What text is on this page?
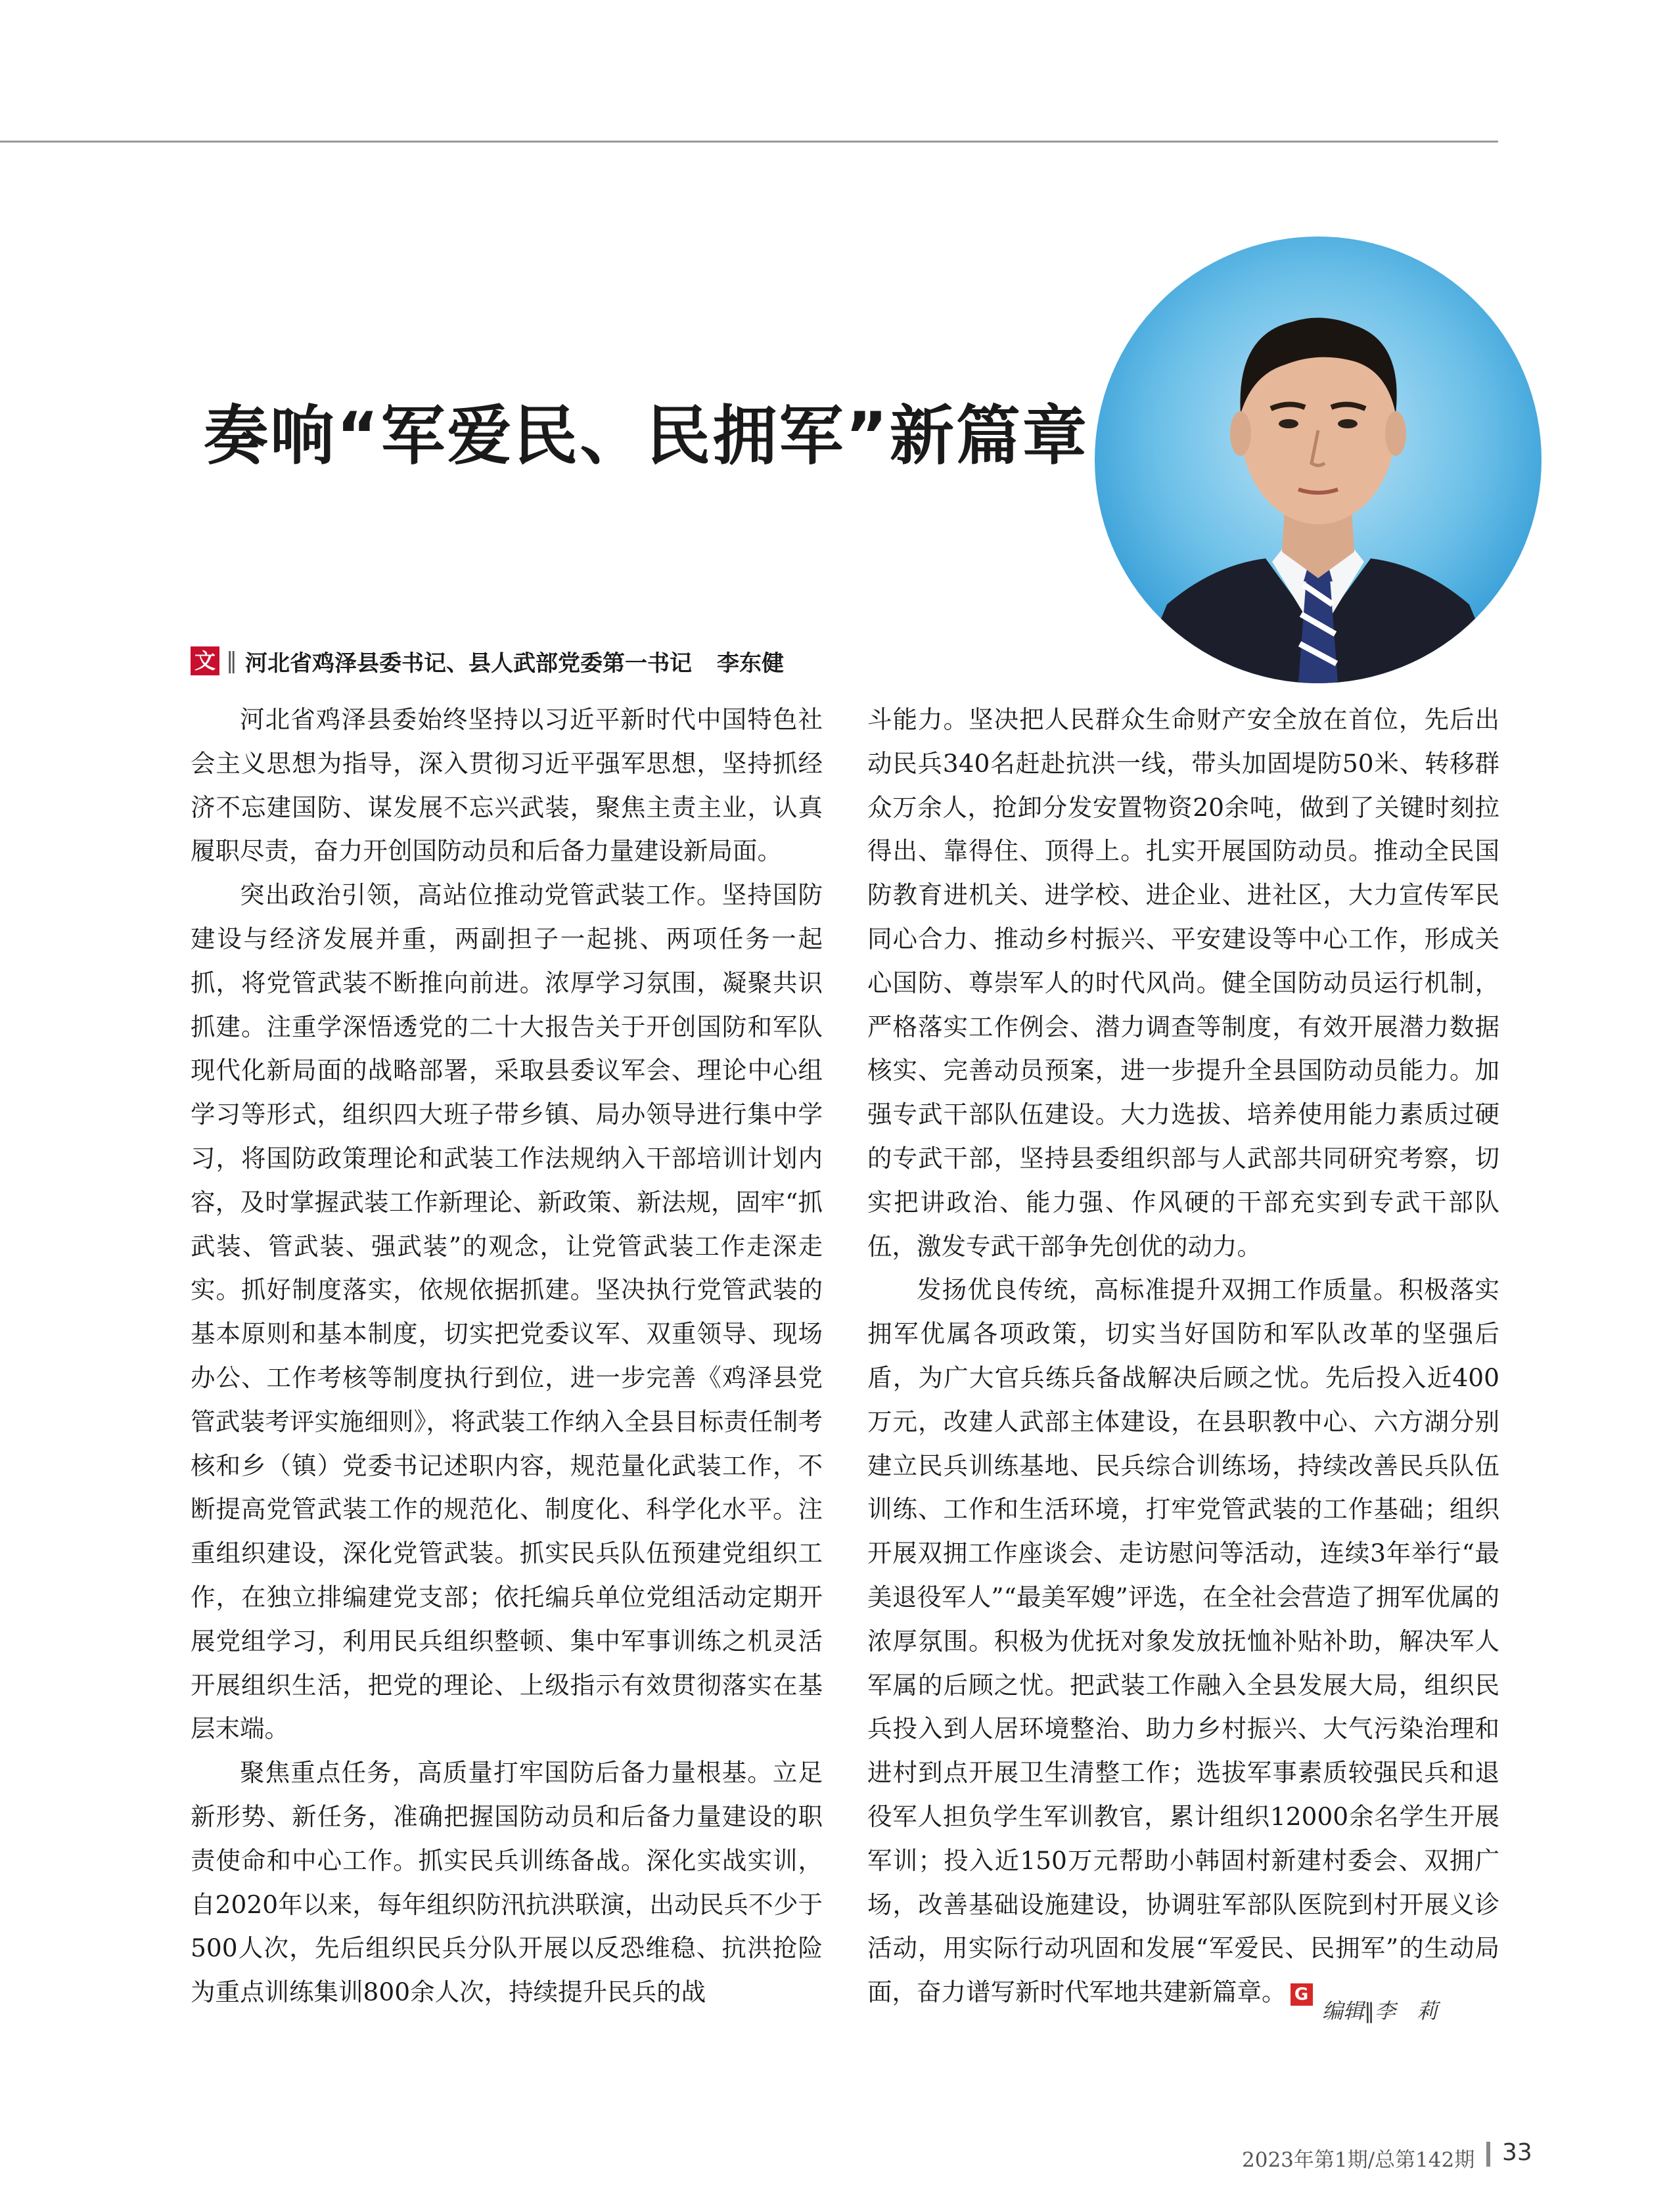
奏响“军爱民、民拥军”新篇章
文 ‖ 河北省鸡泽县委书记、县人武部党委第一书记 李东健

河北省鸡泽县委始终坚持以习近平新时代中国特色社会主义思想为指导，深入贯彻习近平强军思想，坚持抓经济不忘建国防、谋发展不忘兴武装，聚焦主责主业，认真履职尽责，奋力开创国防动员和后备力量建设新局面。

突出政治引领，高站位推动党管武装工作。坚持国防建设与经济发展并重，两副担子一起挑、两项任务一起抓，将党管武装不断推向前进。浓厚学习氛围，凝聚共识抓建。注重学深悟透党的二十大报告关于开创国防和军队现代化新局面的战略部署，采取县委议军会、理论中心组学习等形式，组织四大班子带乡镇、局办领导进行集中学习，将国防政策理论和武装工作法规纳入干部培训计划内容，及时掌握武装工作新理论、新政策、新法规，固牢“抓武装、管武装、强武装”的观念，让党管武装工作走深走实。抓好制度落实，依规依据抓建。坚决执行党管武装的基本原则和基本制度，切实把党委议军、双重领导、现场办公、工作考核等制度执行到位，进一步完善《鸡泽县党管武装考评实施细则》，将武装工作纳入全县目标责任制考核和乡（镇）党委书记述职内容，规范量化武装工作，不断提高党管武装工作的规范化、制度化、科学化水平。注重组织建设，深化党管武装。抓实民兵队伍预建党组织工作，在独立排编建党支部；依托编兵单位党组活动定期开展党组学习，利用民兵组织整顿、集中军事训练之机灵活开展组织生活，把党的理论、上级指示有效贯彻落实在基层末端。

聚焦重点任务，高质量打牢国防后备力量根基。立足新形势、新任务，准确把握国防动员和后备力量建设的职责使命和中心工作。抓实民兵训练备战。深化实战实训，自2020年以来，每年组织防汛抗洪联演，出动民兵不少于500人次，先后组织民兵分队开展以反恐维稳、抗洪抢险为重点训练集训800余人次，持续提升民兵的战

斗能力。坚决把人民群众生命财产安全放在首位，先后出动民兵340名赶赴抗洪一线，带头加固堤防50米、转移群众万余人，抢卸分发安置物资20余吨，做到了关键时刻拉得出、靠得住、顶得上。扎实开展国防动员。推动全民国防教育进机关、进学校、进企业、进社区，大力宣传军民同心合力、推动乡村振兴、平安建设等中心工作，形成关心国防、尊崇军人的时代风尚。健全国防动员运行机制，严格落实工作例会、潜力调查等制度，有效开展潜力数据核实、完善动员预案，进一步提升全县国防动员能力。加强专武干部队伍建设。大力选拔、培养使用能力素质过硬的专武干部，坚持县委组织部与人武部共同研究考察，切实把讲政治、能力强、作风硬的干部充实到专武干部队伍，激发专武干部争先创优的动力。

发扬优良传统，高标准提升双拥工作质量。积极落实拥军优属各项政策，切实当好国防和军队改革的坚强后盾，为广大官兵练兵备战解决后顾之忧。先后投入近400万元，改建人武部主体建设，在县职教中心、六方湖分别建立民兵训练基地、民兵综合训练场，持续改善民兵队伍训练、工作和生活环境，打牢党管武装的工作基础；组织开展双拥工作座谈会、走访慰问等活动，连续3年举行“最美退役军人”“最美军嫂”评选，在全社会营造了拥军优属的浓厚氛围。积极为优抚对象发放抚恤补贴补助，解决军人军属的后顾之忧。把武装工作融入全县发展大局，组织民兵投入到人居环境整治、助力乡村振兴、大气污染治理和进村到点开展卫生清整工作；选拔军事素质较强民兵和退役军人担负学生军训教官，累计组织12000余名学生开展军训；投入近150万元帮助小韩固村新建村委会、双拥广场，改善基础设施建设，协调驻军部队医院到村开展义诊活动，用实际行动巩固和发展“军爱民、民拥军”的生动局面，奋力谱写新时代军地共建新篇章。 G

编辑‖李　莉
2023年第1期/总第142期 33
